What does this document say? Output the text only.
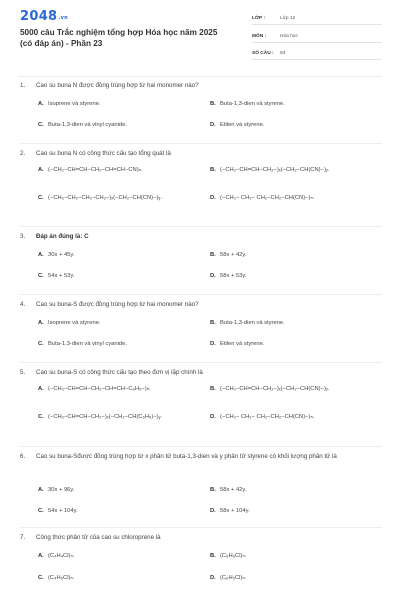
2048.vn
5000 câu Trắc nghiệm tổng hợp Hóa học năm 2025 (có đáp án) - Phần 23
LỚP :	Lớp 12
MÔN :	Hóa học
SỐ CÂU :	83
1.	Cao su buna N được đồng trùng hợp từ hai monomer nào?
A. Isoprene và styrene.	B. Buta-1,3-dien và styrene.
C. Buta-1,3-dien và vinyl cyanide.	D. Etilen và styrene.
2.	Cao su buna N có công thức cấu tạo tổng quát là
A. (−CH₂−CH=CH−CH₂−CH=CH−CN)ₙ.	B. (−CH₂−CH=CH−CH₂−)ₓ(−CH₂−CH(CN)−)ᵧ.
C. (−CH₂−CH₂−CH₂−CH₂−)ₓ(−CH₂−CH(CN)−)ᵧ.	D. (−CH₂− CH₂− CH₂−CH₂−CH(CN)−)ₙ.
3.	Đáp án đúng là: C
A. 30x + 45y.	B. 58x + 42y.
C. 54x + 53y.	D. 58x + 53y.
4.	Cao su buna-S được đồng trùng hợp từ hai monomer nào?
A. Isoprene và styrene.	B. Buta-1,3-dien và styrene.
C. Buta-1,3-dien và vinyl cyanide.	D. Etilen và styrene.
5.	Cao su buna-S có công thức cấu tạo theo đơn vị lặp chính là
A. (−CH₂−CH=CH−CH₂−CH=CH−C₆H₅−)ₙ.	B. (−CH₂−CH=CH−CH₂−)ₓ(−CH₂−CH(CN)−)ᵧ.
C. (−CH₂−CH=CH−CH₂−)ₓ(−CH₂−CH(C₆H₅)−)ᵧ.	D. (−CH₂− CH₂− CH₂−CH₂−CH(CN)−)ₙ.
6.	Cao su buna-Sđược đồng trùng hợp từ x phân tử buta-1,3-dien và y phân tử styrene có khối lượng phân tử là
A. 30x + 96y.	B. 58x + 42y.
C. 54x + 104y.	D. 58x + 104y.
7.	Công thức phân tử của cao su chloroprene là
A. (C₄H₄Cl)ₙ.	B. (C₈H₆Cl)ₙ.
C. (C₄H₅Cl)ₙ.	D. (C₆H₅Cl)ₙ.
